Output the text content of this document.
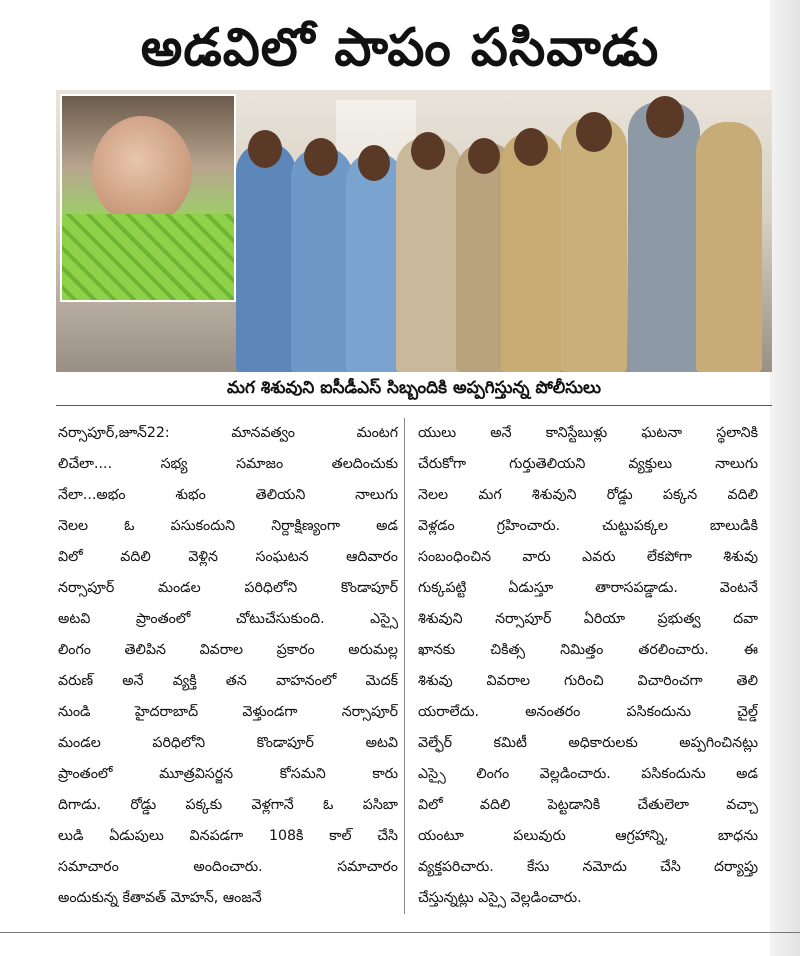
అడవిలో పాపం పసివాడు
మగ శిశువుని ఐసీడీఎస్ సిబ్బందికి అప్పగిస్తున్న పోలీసులు
నర్సాపూర్,జూన్22: మానవత్వం మంటగ
లిచేలా.... సభ్య సమాజం తలదించుకు
నేలా...అభం శుభం తెలియని నాలుగు
నెలల ఓ పసుకందుని నిర్దాక్షిణ్యంగా అడ
విలో వదిలి వెళ్లిన సంఘటన ఆదివారం
నర్సాపూర్ మండల పరిధిలోని కొండాపూర్
అటవి ప్రాంతంలో చోటుచేసుకుంది. ఎస్సై
లింగం తెలిపిన వివరాల ప్రకారం అరుమల్ల
వరుణ్ అనే వ్యక్తి తన వాహనంలో మెదక్
నుండి హైదరాబాద్ వెళ్తుండగా నర్సాపూర్
మండల పరిధిలోని కొండాపూర్ అటవి
ప్రాంతంలో మూత్రవిసర్జన కోసమని కారు
దిగాడు. రోడ్డు పక్కకు వెళ్లగానే ఓ పసిబా
లుడి ఏడుపులు వినపడగా 108కి కాల్ చేసి
సమాచారం అందించారు. సమాచారం
అందుకున్న కేతావత్ మోహన్, ఆంజనే
యులు అనే కానిస్టేబుళ్లు ఘటనా స్థలానికి
చేరుకోగా గుర్తుతెలియని వ్యక్తులు నాలుగు
నెలల మగ శిశువుని రోడ్డు పక్కన వదిలి
వెళ్లడం గ్రహించారు. చుట్టుపక్కల బాలుడికి
సంబంధించిన వారు ఎవరు లేకపోగా శిశువు
గుక్కపట్టి ఏడుస్తూ తారాసపడ్డాడు. వెంటనే
శిశువుని నర్సాపూర్ ఏరియా ప్రభుత్వ దవా
ఖానకు చికిత్స నిమిత్తం తరలించారు. ఈ
శిశువు వివరాల గురించి విచారించగా తెలి
యరాలేదు. అనంతరం పసికందును చైల్డ్
వెల్ఫేర్ కమిటీ అధికారులకు అప్పగించినట్లు
ఎస్సై లింగం వెల్లడించారు. పసికందును అడ
విలో వదిలి పెట్టడానికి చేతులెలా వచ్చా
యంటూ పలువురు ఆగ్రహాన్ని, బాధను
వ్యక్తపరిచారు. కేసు నమోదు చేసి దర్యాప్తు
చేస్తున్నట్లు ఎస్సై వెల్లడించారు.
